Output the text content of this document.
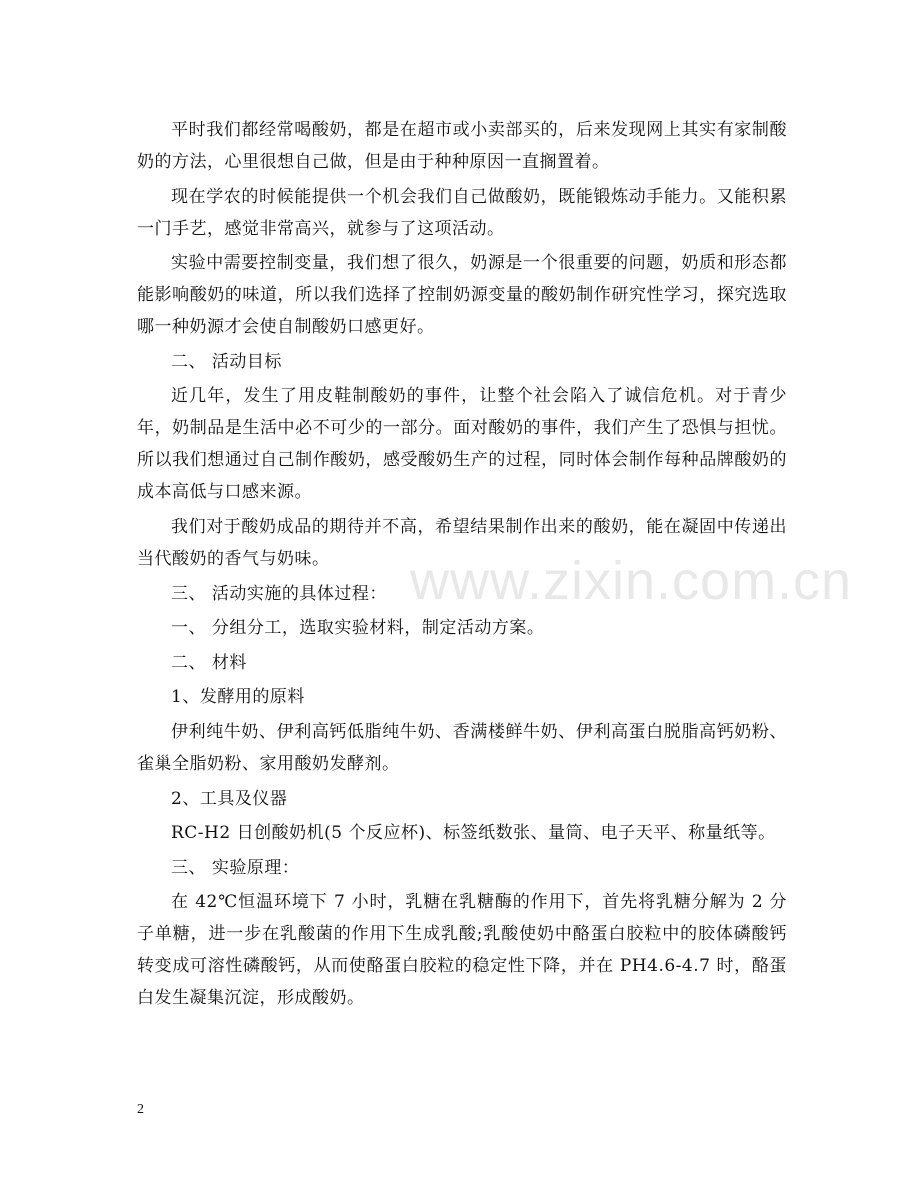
平时我们都经常喝酸奶，都是在超市或小卖部买的，后来发现网上其实有家制酸奶的方法，心里很想自己做，但是由于种种原因一直搁置着。

现在学农的时候能提供一个机会我们自己做酸奶，既能锻炼动手能力。又能积累一门手艺，感觉非常高兴，就参与了这项活动。

实验中需要控制变量，我们想了很久，奶源是一个很重要的问题，奶质和形态都能影响酸奶的味道，所以我们选择了控制奶源变量的酸奶制作研究性学习，探究选取哪一种奶源才会使自制酸奶口感更好。

二、 活动目标

近几年，发生了用皮鞋制酸奶的事件，让整个社会陷入了诚信危机。对于青少年，奶制品是生活中必不可少的一部分。面对酸奶的事件，我们产生了恐惧与担忧。所以我们想通过自己制作酸奶，感受酸奶生产的过程，同时体会制作每种品牌酸奶的成本高低与口感来源。

我们对于酸奶成品的期待并不高，希望结果制作出来的酸奶，能在凝固中传递出当代酸奶的香气与奶味。

三、 活动实施的具体过程：

一、 分组分工，选取实验材料，制定活动方案。

二、 材料

1、发酵用的原料

伊利纯牛奶、伊利高钙低脂纯牛奶、香满楼鲜牛奶、伊利高蛋白脱脂高钙奶粉、雀巢全脂奶粉、家用酸奶发酵剂。

2、工具及仪器

RC-H2 日创酸奶机(5 个反应杯)、标签纸数张、量筒、电子天平、称量纸等。

三、 实验原理：

在 42℃恒温环境下 7 小时，乳糖在乳糖酶的作用下，首先将乳糖分解为 2 分子单糖，进一步在乳酸菌的作用下生成乳酸;乳酸使奶中酪蛋白胶粒中的胶体磷酸钙转变成可溶性磷酸钙，从而使酪蛋白胶粒的稳定性下降，并在 PH4.6-4.7 时，酪蛋白发生凝集沉淀，形成酸奶。

www.zixin.com.cn
2
